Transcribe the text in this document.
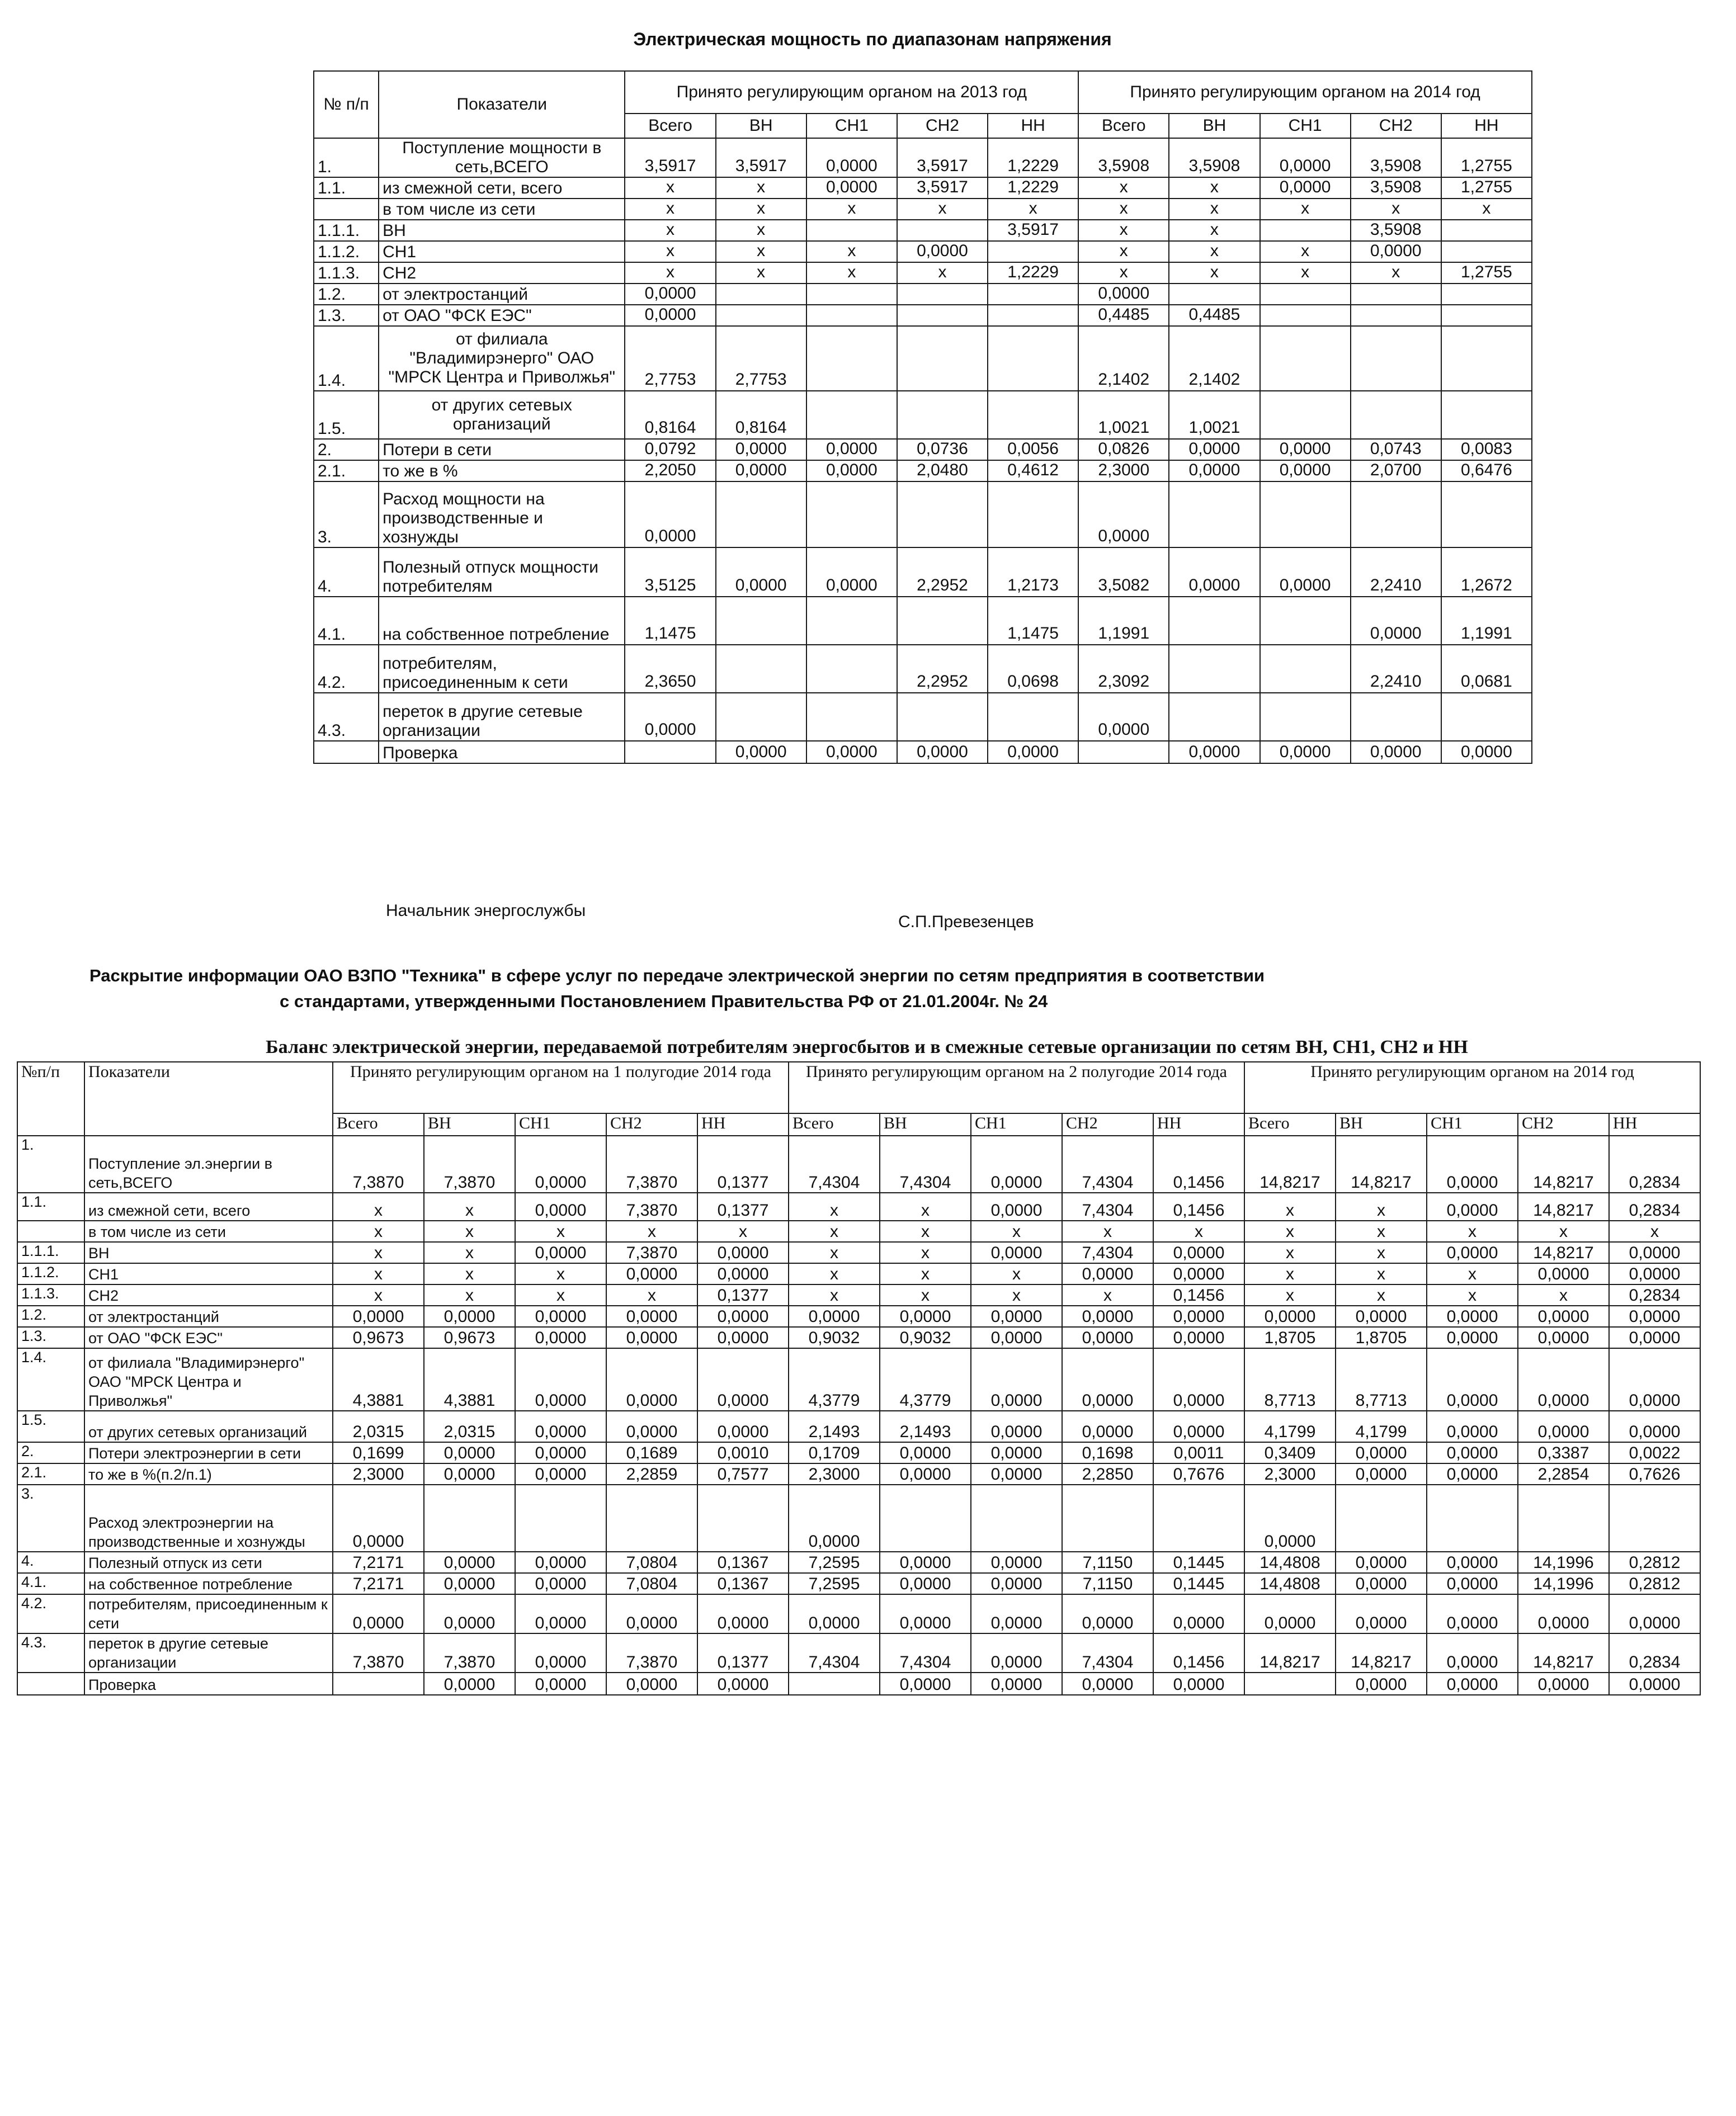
Электрическая мощность по диапазонам напряжения
№ п/п	Показатели	Принято регулирующим органом на 2013 год					Принято регулирующим органом на 2014 год				
		Всего	ВН	СН1	СН2	НН	Всего	ВН	СН1	СН2	НН
1.	Поступление мощности в сеть,ВСЕГО	3,5917	3,5917	0,0000	3,5917	1,2229	3,5908	3,5908	0,0000	3,5908	1,2755
1.1.	из смежной сети, всего	x	x	0,0000	3,5917	1,2229	x	x	0,0000	3,5908	1,2755
	в том числе из сети	x	x	x	x	x	x	x	x	x	x
1.1.1.	ВН	x	x			3,5917	x	x		3,5908	
1.1.2.	СН1	x	x	x	0,0000		x	x	x	0,0000	
1.1.3.	СН2	x	x	x	x	1,2229	x	x	x	x	1,2755
1.2.	от электростанций	0,0000					0,0000				
1.3.	от ОАО "ФСК ЕЭС"	0,0000					0,4485	0,4485			
1.4.	от филиала "Владимирэнерго" ОАО "МРСК Центра и Приволжья"	2,7753	2,7753				2,1402	2,1402			
1.5.	от других сетевых организаций	0,8164	0,8164				1,0021	1,0021			
2.	Потери в сети	0,0792	0,0000	0,0000	0,0736	0,0056	0,0826	0,0000	0,0000	0,0743	0,0083
2.1.	то же в %	2,2050	0,0000	0,0000	2,0480	0,4612	2,3000	0,0000	0,0000	2,0700	0,6476
3.	Расход мощности на производственные и хознужды	0,0000					0,0000				
4.	Полезный отпуск мощности потребителям	3,5125	0,0000	0,0000	2,2952	1,2173	3,5082	0,0000	0,0000	2,2410	1,2672
4.1.	на собственное потребление	1,1475				1,1475	1,1991			0,0000	1,1991
4.2.	потребителям, присоединенным к сети	2,3650			2,2952	0,0698	2,3092			2,2410	0,0681
4.3.	переток в другие сетевые организации	0,0000					0,0000				
	Проверка		0,0000	0,0000	0,0000	0,0000		0,0000	0,0000	0,0000	0,0000
Начальник энергослужбы
С.П.Превезенцев
Раскрытие информации ОАО ВЗПО "Техника" в сфере услуг по передаче электрической энергии по сетям предприятия в соответствии
с стандартами, утвержденными Постановлением Правительства РФ от 21.01.2004г. № 24
Баланс электрической энергии, передаваемой потребителям энергосбытов и в смежные сетевые организации по сетям ВН, СН1, СН2 и НН
№п/п	Показатели	Принято регулирующим органом на 1 полугодие 2014 года					Принято регулирующим органом на 2 полугодие 2014 года					Принято регулирующим органом на 2014 год				
		Всего	ВН	СН1	СН2	НН	Всего	ВН	СН1	СН2	НН	Всего	ВН	СН1	СН2	НН
1.	Поступление эл.энергии в сеть,ВСЕГО	7,3870	7,3870	0,0000	7,3870	0,1377	7,4304	7,4304	0,0000	7,4304	0,1456	14,8217	14,8217	0,0000	14,8217	0,2834
1.1.	из смежной сети, всего	x	x	0,0000	7,3870	0,1377	x	x	0,0000	7,4304	0,1456	x	x	0,0000	14,8217	0,2834
	в том числе из сети	x	x	x	x	x	x	x	x	x	x	x	x	x	x	x
1.1.1.	ВН	x	x	0,0000	7,3870	0,0000	x	x	0,0000	7,4304	0,0000	x	x	0,0000	14,8217	0,0000
1.1.2.	СН1	x	x	x	0,0000	0,0000	x	x	x	0,0000	0,0000	x	x	x	0,0000	0,0000
1.1.3.	СН2	x	x	x	x	0,1377	x	x	x	x	0,1456	x	x	x	x	0,2834
1.2.	от электростанций	0,0000	0,0000	0,0000	0,0000	0,0000	0,0000	0,0000	0,0000	0,0000	0,0000	0,0000	0,0000	0,0000	0,0000	0,0000
1.3.	от ОАО "ФСК ЕЭС"	0,9673	0,9673	0,0000	0,0000	0,0000	0,9032	0,9032	0,0000	0,0000	0,0000	1,8705	1,8705	0,0000	0,0000	0,0000
1.4.	от филиала "Владимирэнерго" ОАО "МРСК Центра и Приволжья"	4,3881	4,3881	0,0000	0,0000	0,0000	4,3779	4,3779	0,0000	0,0000	0,0000	8,7713	8,7713	0,0000	0,0000	0,0000
1.5.	от других сетевых организаций	2,0315	2,0315	0,0000	0,0000	0,0000	2,1493	2,1493	0,0000	0,0000	0,0000	4,1799	4,1799	0,0000	0,0000	0,0000
2.	Потери электроэнергии в сети	0,1699	0,0000	0,0000	0,1689	0,0010	0,1709	0,0000	0,0000	0,1698	0,0011	0,3409	0,0000	0,0000	0,3387	0,0022
2.1.	то же в %(п.2/п.1)	2,3000	0,0000	0,0000	2,2859	0,7577	2,3000	0,0000	0,0000	2,2850	0,7676	2,3000	0,0000	0,0000	2,2854	0,7626
3.	Расход электроэнергии на производственные и хознужды	0,0000					0,0000					0,0000				
4.	Полезный отпуск из сети	7,2171	0,0000	0,0000	7,0804	0,1367	7,2595	0,0000	0,0000	7,1150	0,1445	14,4808	0,0000	0,0000	14,1996	0,2812
4.1.	на собственное потребление	7,2171	0,0000	0,0000	7,0804	0,1367	7,2595	0,0000	0,0000	7,1150	0,1445	14,4808	0,0000	0,0000	14,1996	0,2812
4.2.	потребителям, присоединенным к сети	0,0000	0,0000	0,0000	0,0000	0,0000	0,0000	0,0000	0,0000	0,0000	0,0000	0,0000	0,0000	0,0000	0,0000	0,0000
4.3.	переток в другие сетевые организации	7,3870	7,3870	0,0000	7,3870	0,1377	7,4304	7,4304	0,0000	7,4304	0,1456	14,8217	14,8217	0,0000	14,8217	0,2834
	Проверка		0,0000	0,0000	0,0000	0,0000		0,0000	0,0000	0,0000	0,0000		0,0000	0,0000	0,0000	0,0000
